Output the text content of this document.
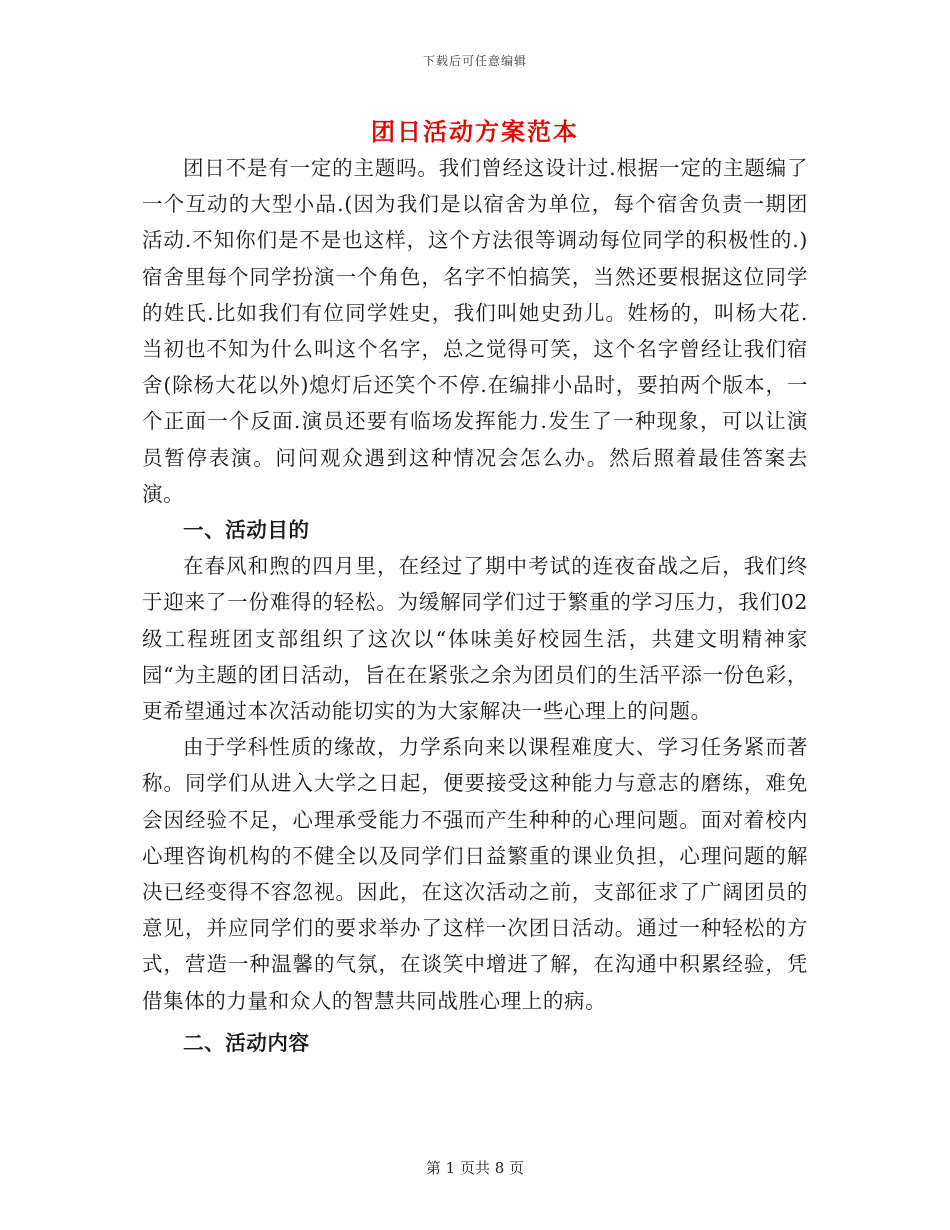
下载后可任意编辑
团日活动方案范本

团日不是有一定的主题吗。我们曾经这设计过.根据一定的主题编了一个互动的大型小品.(因为我们是以宿舍为单位，每个宿舍负责一期团活动.不知你们是不是也这样，这个方法很等调动每位同学的积极性的.)宿舍里每个同学扮演一个角色，名字不怕搞笑，当然还要根据这位同学的姓氏.比如我们有位同学姓史，我们叫她史劲儿。姓杨的，叫杨大花.当初也不知为什么叫这个名字，总之觉得可笑，这个名字曾经让我们宿舍(除杨大花以外)熄灯后还笑个不停.在编排小品时，要拍两个版本，一个正面一个反面.演员还要有临场发挥能力.发生了一种现象，可以让演员暂停表演。问问观众遇到这种情况会怎么办。然后照着最佳答案去演。

一、活动目的

在春风和煦的四月里，在经过了期中考试的连夜奋战之后，我们终于迎来了一份难得的轻松。为缓解同学们过于繁重的学习压力，我们02级工程班团支部组织了这次以“体味美好校园生活，共建文明精神家园“为主题的团日活动，旨在在紧张之余为团员们的生活平添一份色彩，更希望通过本次活动能切实的为大家解决一些心理上的问题。

由于学科性质的缘故，力学系向来以课程难度大、学习任务紧而著称。同学们从进入大学之日起，便要接受这种能力与意志的磨练，难免会因经验不足，心理承受能力不强而产生种种的心理问题。面对着校内心理咨询机构的不健全以及同学们日益繁重的课业负担，心理问题的解决已经变得不容忽视。因此，在这次活动之前，支部征求了广阔团员的意见，并应同学们的要求举办了这样一次团日活动。通过一种轻松的方式，营造一种温馨的气氛，在谈笑中增进了解，在沟通中积累经验，凭借集体的力量和众人的智慧共同战胜心理上的病。

二、活动内容

第 1 页共 8 页
